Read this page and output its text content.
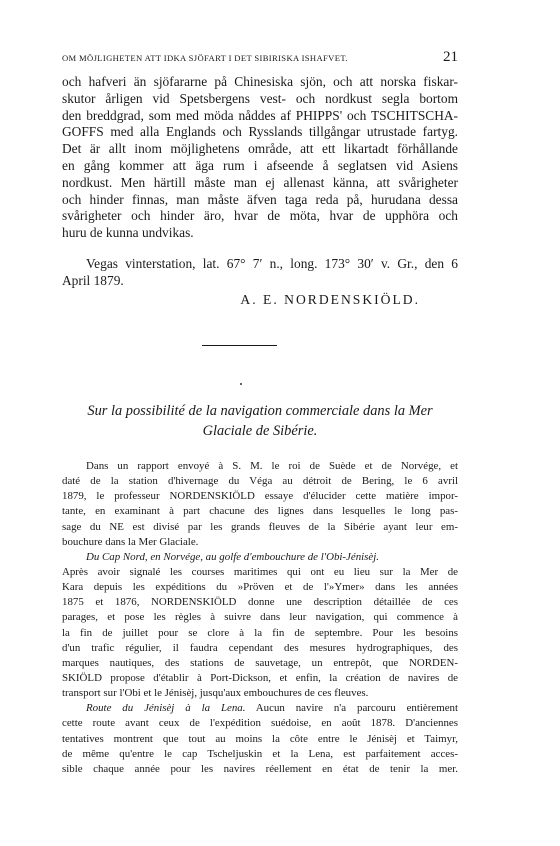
OM MÖJLIGHETEN ATT IDKA SJÖFART I DET SIBIRISKA ISHAFVET.	21
och hafveri än sjöfararne på Chinesiska sjön, och att norska fiskar-
skutor årligen vid Spetsbergens vest- och nordkust segla bortom
den breddgrad, som med möda nåddes af PHIPPS' och TSCHITSCHA-
GOFFS med alla Englands och Rysslands tillgångar utrustade fartyg.
Det är allt inom möjlighetens område, att ett likartadt förhållande
en gång kommer att äga rum i afseende å seglatsen vid Asiens
nordkust. Men härtill måste man ej allenast känna, att svårigheter
och hinder finnas, man måste äfven taga reda på, hurudana dessa
svårigheter och hinder äro, hvar de möta, hvar de upphöra och
huru de kunna undvikas.
Vegas vinterstation, lat. 67° 7′ n., long. 173° 30′ v. Gr., den 6
April 1879.
A. E. NORDENSKIÖLD.
Sur la possibilité de la navigation commerciale dans la Mer
Glaciale de Sibérie.
Dans un rapport envoyé à S. M. le roi de Suède et de Norvége, et
daté de la station d'hivernage du Véga au détroit de Bering, le 6 avril
1879, le professeur NORDENSKIÖLD essaye d'élucider cette matière impor-
tante, en examinant à part chacune des lignes dans lesquelles le long pas-
sage du NE est divisé par les grands fleuves de la Sibérie ayant leur em-
bouchure dans la Mer Glaciale.
Du Cap Nord, en Norvége, au golfe d'embouchure de l'Obi-Jénisèj.
Après avoir signalé les courses maritimes qui ont eu lieu sur la Mer de
Kara depuis les expéditions du »Pröven et de l'»Ymer» dans les années
1875 et 1876, NORDENSKIÖLD donne une description détaillée de ces
parages, et pose les règles à suivre dans leur navigation, qui commence à
la fin de juillet pour se clore à la fin de septembre. Pour les besoins
d'un trafic régulier, il faudra cependant des mesures hydrographiques, des
marques nautiques, des stations de sauvetage, un entrepôt, que NORDEN-
SKIÖLD propose d'établir à Port-Dickson, et enfin, la création de navires de
transport sur l'Obi et le Jénisèj, jusqu'aux embouchures de ces fleuves.
Route du Jénisèj à la Lena. Aucun navire n'a parcouru entièrement
cette route avant ceux de l'expédition suédoise, en août 1878. D'anciennes
tentatives montrent que tout au moins la côte entre le Jénisèj et Taimyr,
de même qu'entre le cap Tscheljuskin et la Lena, est parfaitement acces-
sible chaque année pour les navires réellement en état de tenir la mer.
